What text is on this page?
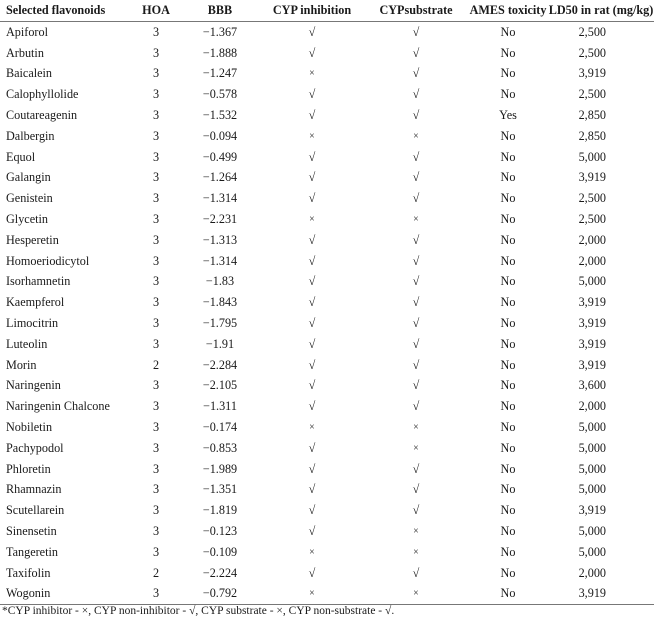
Selected flavonoids	HOA	BBB	CYP inhibition	CYPsubstrate	AMES toxicity	LD50 in rat (mg/kg)
Apiforol	3	−1.367	√	√	No	2,500
Arbutin	3	−1.888	√	√	No	2,500
Baicalein	3	−1.247	×	√	No	3,919
Calophyllolide	3	−0.578	√	√	No	2,500
Coutareagenin	3	−1.532	√	√	Yes	2,850
Dalbergin	3	−0.094	×	×	No	2,850
Equol	3	−0.499	√	√	No	5,000
Galangin	3	−1.264	√	√	No	3,919
Genistein	3	−1.314	√	√	No	2,500
Glycetin	3	−2.231	×	×	No	2,500
Hesperetin	3	−1.313	√	√	No	2,000
Homoeriodicytol	3	−1.314	√	√	No	2,000
Isorhamnetin	3	−1.83	√	√	No	5,000
Kaempferol	3	−1.843	√	√	No	3,919
Limocitrin	3	−1.795	√	√	No	3,919
Luteolin	3	−1.91	√	√	No	3,919
Morin	2	−2.284	√	√	No	3,919
Naringenin	3	−2.105	√	√	No	3,600
Naringenin Chalcone	3	−1.311	√	√	No	2,000
Nobiletin	3	−0.174	×	×	No	5,000
Pachypodol	3	−0.853	√	×	No	5,000
Phloretin	3	−1.989	√	√	No	5,000
Rhamnazin	3	−1.351	√	√	No	5,000
Scutellarein	3	−1.819	√	√	No	3,919
Sinensetin	3	−0.123	√	×	No	5,000
Tangeretin	3	−0.109	×	×	No	5,000
Taxifolin	2	−2.224	√	√	No	2,000
Wogonin	3	−0.792	×	×	No	3,919
*CYP inhibitor - ×, CYP non-inhibitor - √, CYP substrate - ×, CYP non-substrate - √.
